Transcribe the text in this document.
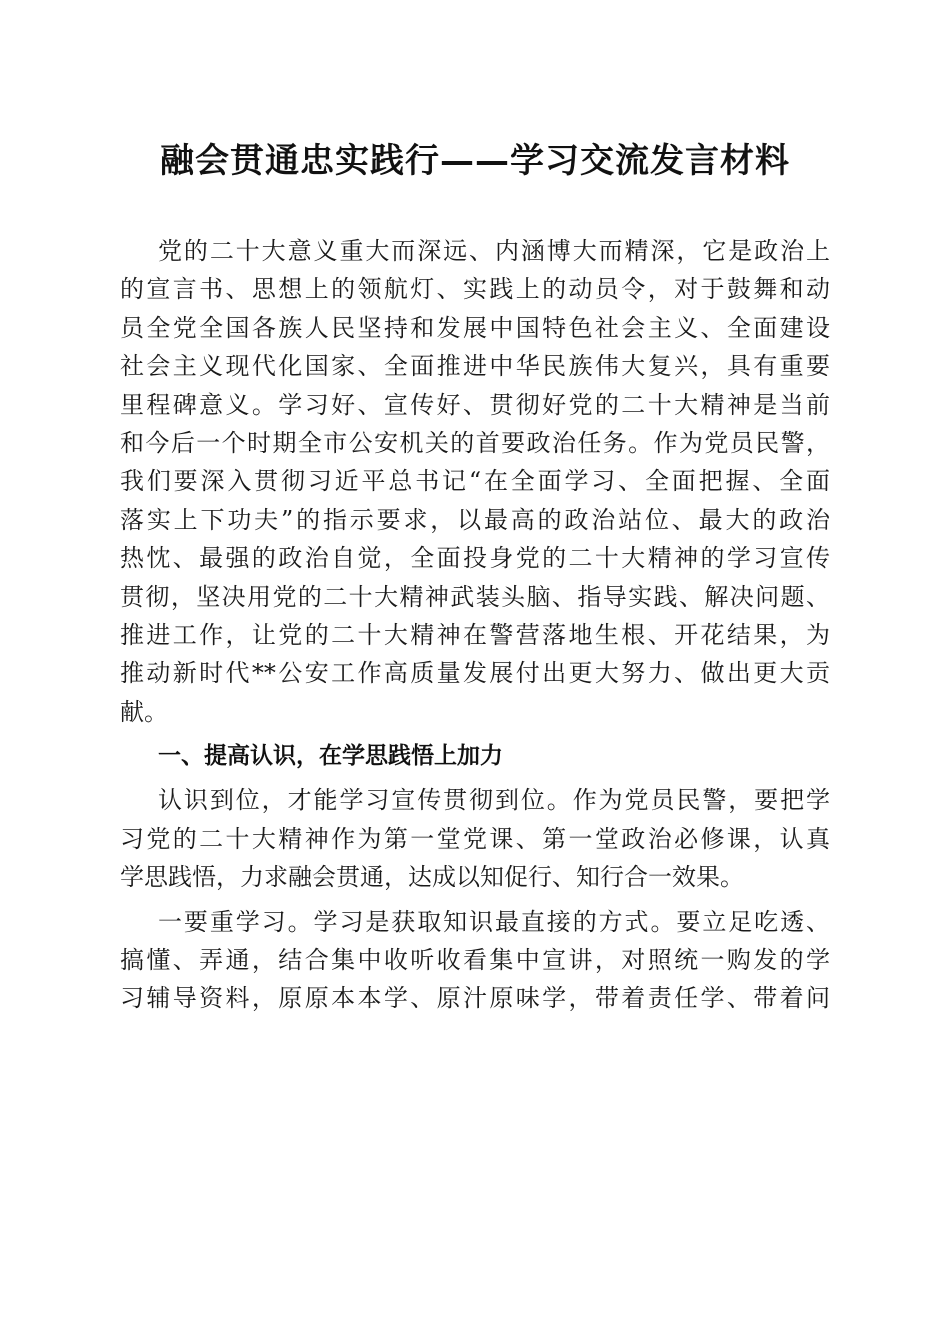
融会贯通忠实践行——学习交流发言材料
党的二十大意义重大而深远、内涵博大而精深，它是政治上
的宣言书、思想上的领航灯、实践上的动员令，对于鼓舞和动
员全党全国各族人民坚持和发展中国特色社会主义、全面建设
社会主义现代化国家、全面推进中华民族伟大复兴，具有重要
里程碑意义。学习好、宣传好、贯彻好党的二十大精神是当前
和今后一个时期全市公安机关的首要政治任务。作为党员民警，
我们要深入贯彻习近平总书记“在全面学习、全面把握、全面
落实上下功夫”的指示要求，以最高的政治站位、最大的政治
热忱、最强的政治自觉，全面投身党的二十大精神的学习宣传
贯彻，坚决用党的二十大精神武装头脑、指导实践、解决问题、
推进工作，让党的二十大精神在警营落地生根、开花结果，为
推动新时代**公安工作高质量发展付出更大努力、做出更大贡
献。
一、提高认识，在学思践悟上加力
认识到位，才能学习宣传贯彻到位。作为党员民警，要把学
习党的二十大精神作为第一堂党课、第一堂政治必修课，认真
学思践悟，力求融会贯通，达成以知促行、知行合一效果。
一要重学习。学习是获取知识最直接的方式。要立足吃透、
搞懂、弄通，结合集中收听收看集中宣讲，对照统一购发的学
习辅导资料，原原本本学、原汁原味学，带着责任学、带着问
